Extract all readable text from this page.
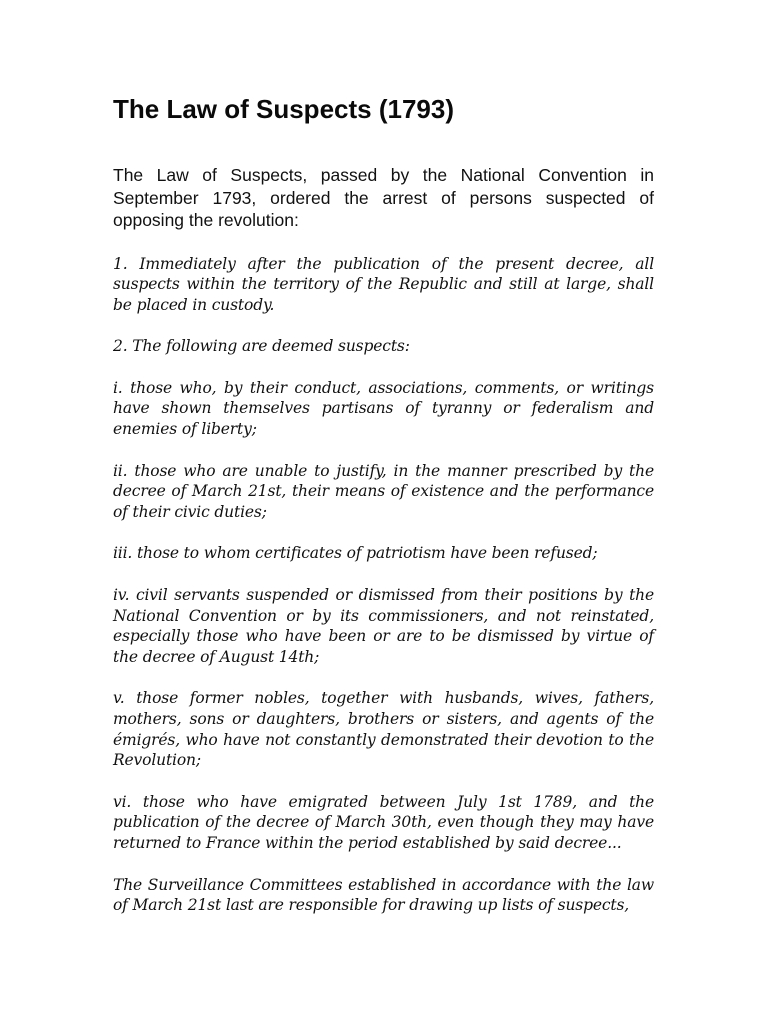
The Law of Suspects (1793)

The Law of Suspects, passed by the National Convention in September 1793, ordered the arrest of persons suspected of opposing the revolution:

1. Immediately after the publication of the present decree, all suspects within the territory of the Republic and still at large, shall be placed in custody.

2. The following are deemed suspects:

i. those who, by their conduct, associations, comments, or writings have shown themselves partisans of tyranny or federalism and enemies of liberty;

ii. those who are unable to justify, in the manner prescribed by the decree of March 21st, their means of existence and the performance of their civic duties;

iii. those to whom certificates of patriotism have been refused;

iv. civil servants suspended or dismissed from their positions by the National Convention or by its commissioners, and not reinstated, especially those who have been or are to be dismissed by virtue of the decree of August 14th;

v. those former nobles, together with husbands, wives, fathers, mothers, sons or daughters, brothers or sisters, and agents of the émigrés, who have not constantly demonstrated their devotion to the Revolution;

vi. those who have emigrated between July 1st 1789, and the publication of the decree of March 30th, even though they may have returned to France within the period established by said decree...

The Surveillance Committees established in accordance with the law of March 21st last are responsible for drawing up lists of suspects,
